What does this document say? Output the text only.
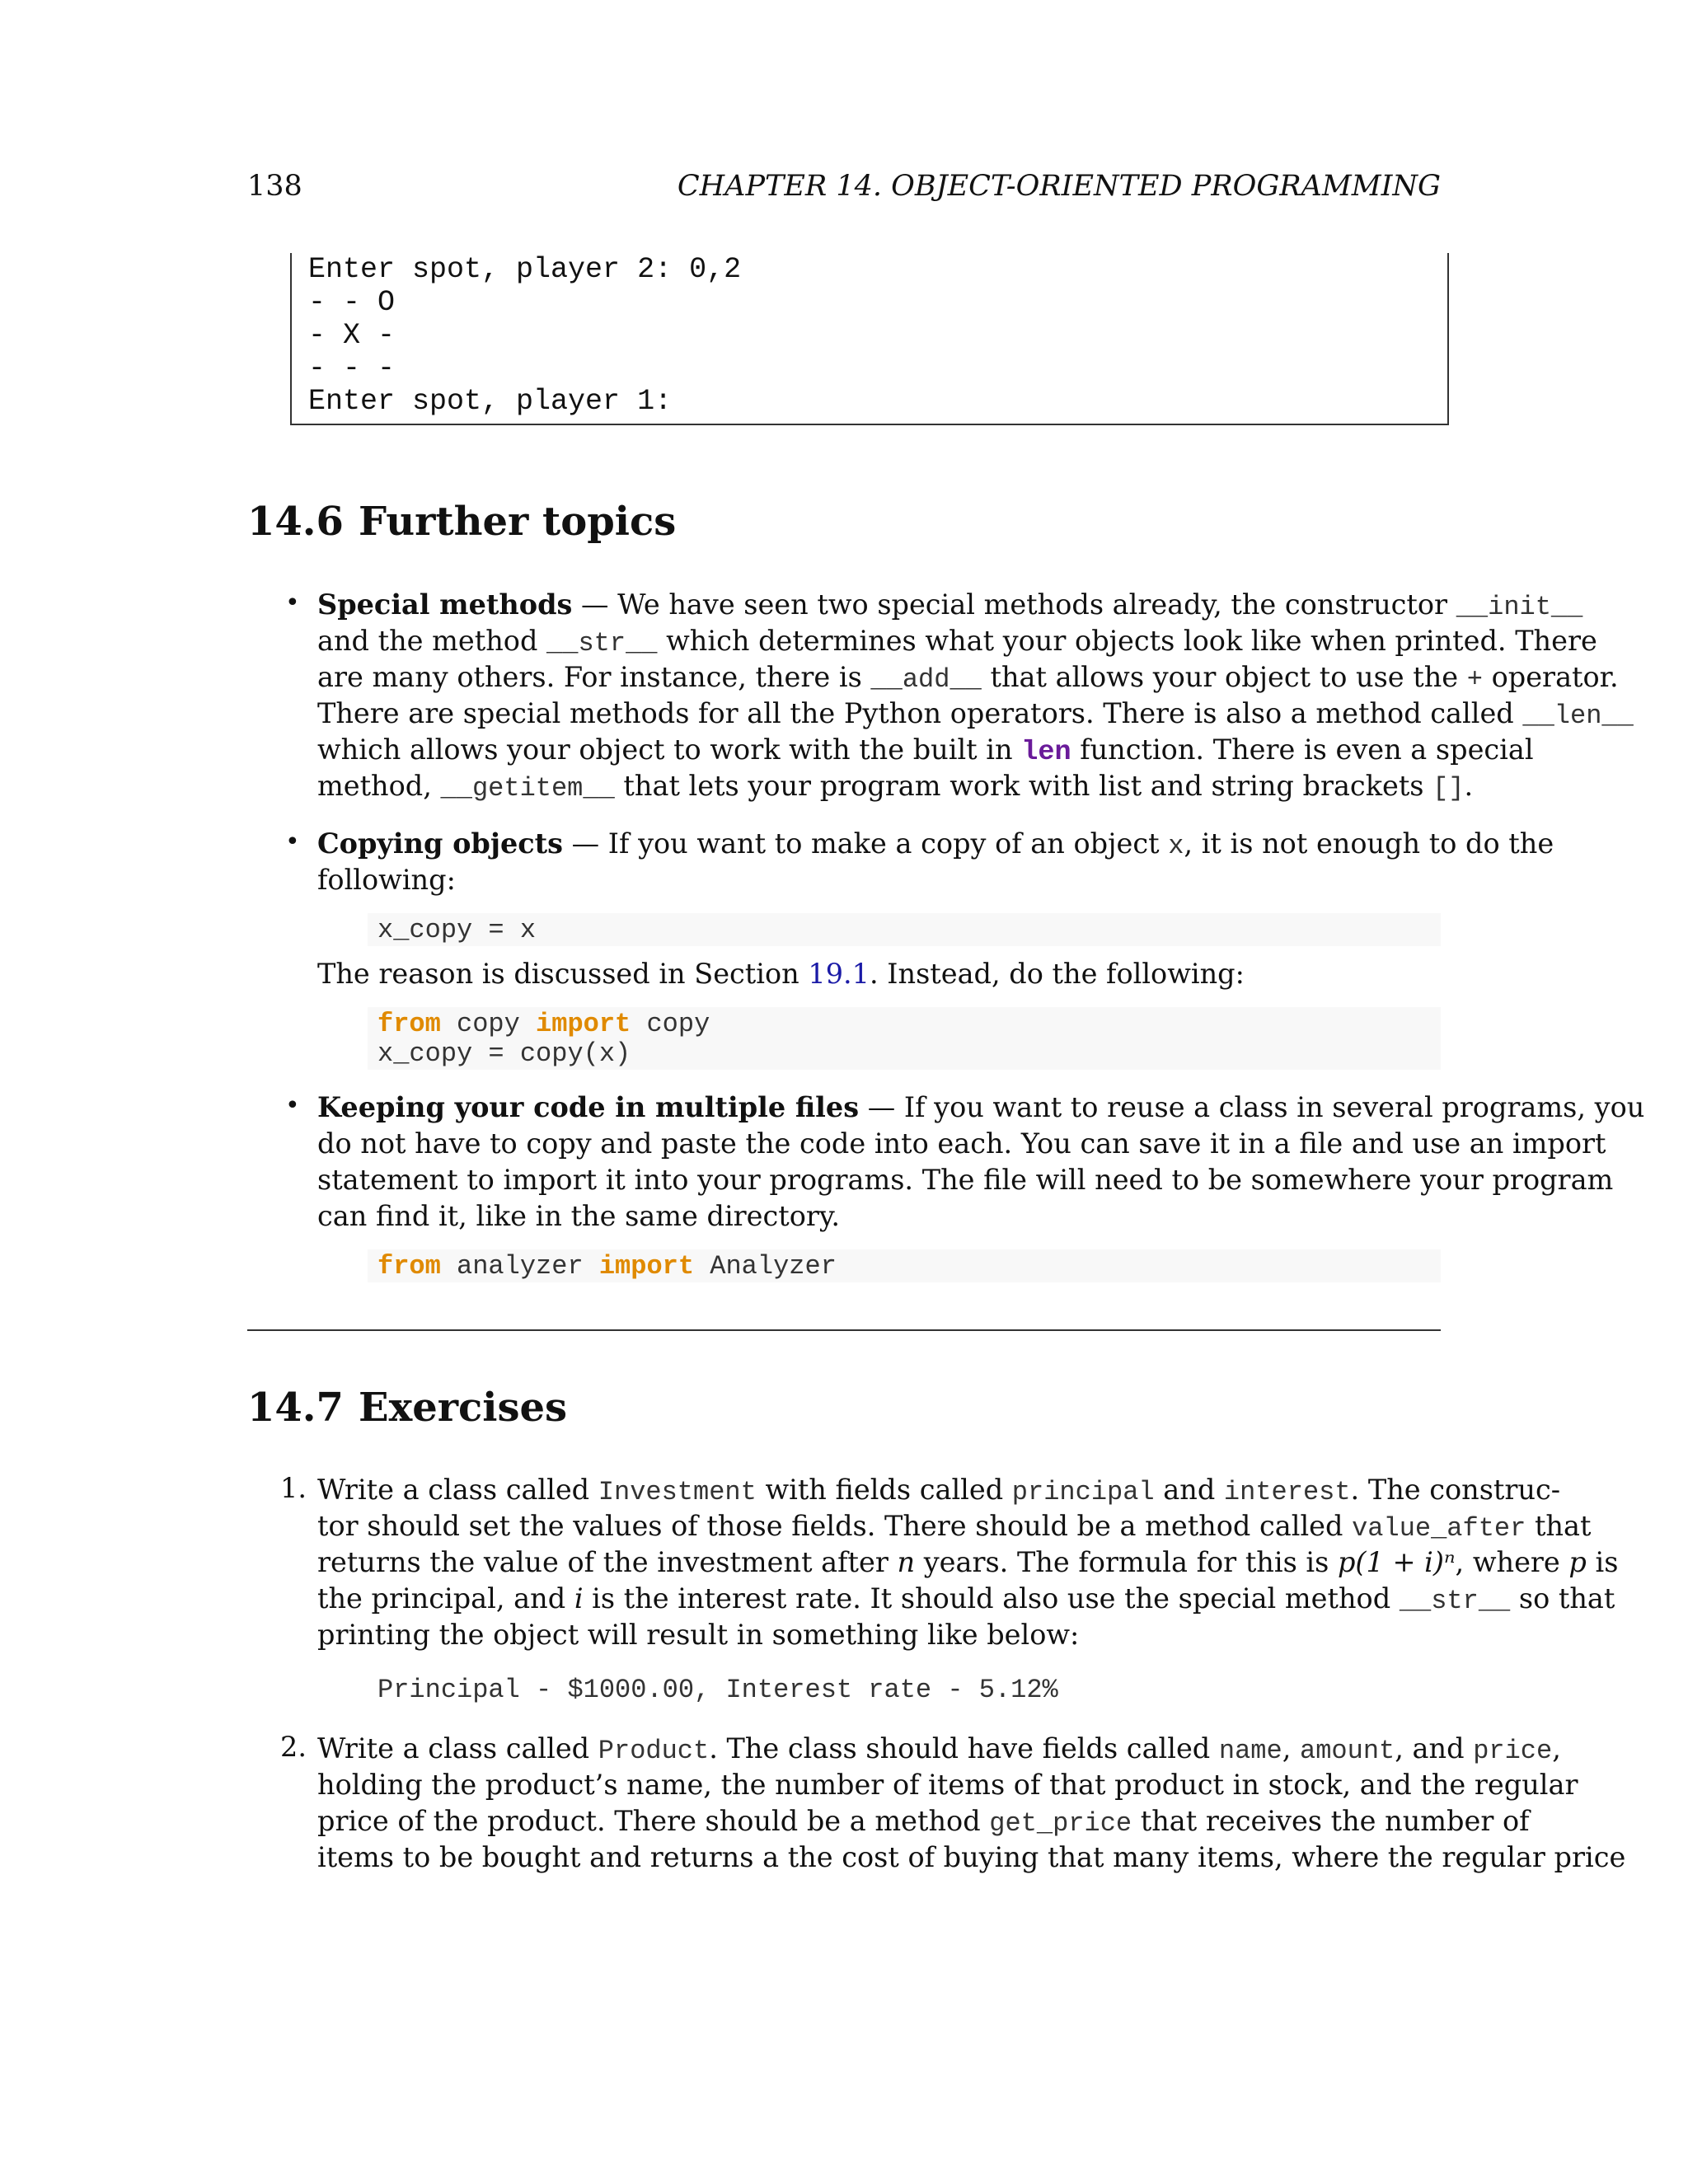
138	CHAPTER 14. OBJECT-ORIENTED PROGRAMMING
Enter spot, player 2: 0,2
- - O
- X -
- - -
Enter spot, player 1:
14.6 Further topics
• Special methods — We have seen two special methods already, the constructor __init__
and the method __str__ which determines what your objects look like when printed. There
are many others. For instance, there is __add__ that allows your object to use the + operator.
There are special methods for all the Python operators. There is also a method called __len__
which allows your object to work with the built in len function. There is even a special
method, __getitem__ that lets your program work with list and string brackets [].
• Copying objects — If you want to make a copy of an object x, it is not enough to do the
following:
x_copy = x
The reason is discussed in Section 19.1. Instead, do the following:
from copy import copy
x_copy = copy(x)
• Keeping your code in multiple files — If you want to reuse a class in several programs, you
do not have to copy and paste the code into each. You can save it in a file and use an import
statement to import it into your programs. The file will need to be somewhere your program
can find it, like in the same directory.
from analyzer import Analyzer
14.7 Exercises
1. Write a class called Investment with fields called principal and interest. The construc-
tor should set the values of those fields. There should be a method called value_after that
returns the value of the investment after n years. The formula for this is p(1 + i)ⁿ, where p is
the principal, and i is the interest rate. It should also use the special method __str__ so that
printing the object will result in something like below:
Principal - $1000.00, Interest rate - 5.12%
2. Write a class called Product. The class should have fields called name, amount, and price,
holding the product’s name, the number of items of that product in stock, and the regular
price of the product. There should be a method get_price that receives the number of
items to be bought and returns a the cost of buying that many items, where the regular price
